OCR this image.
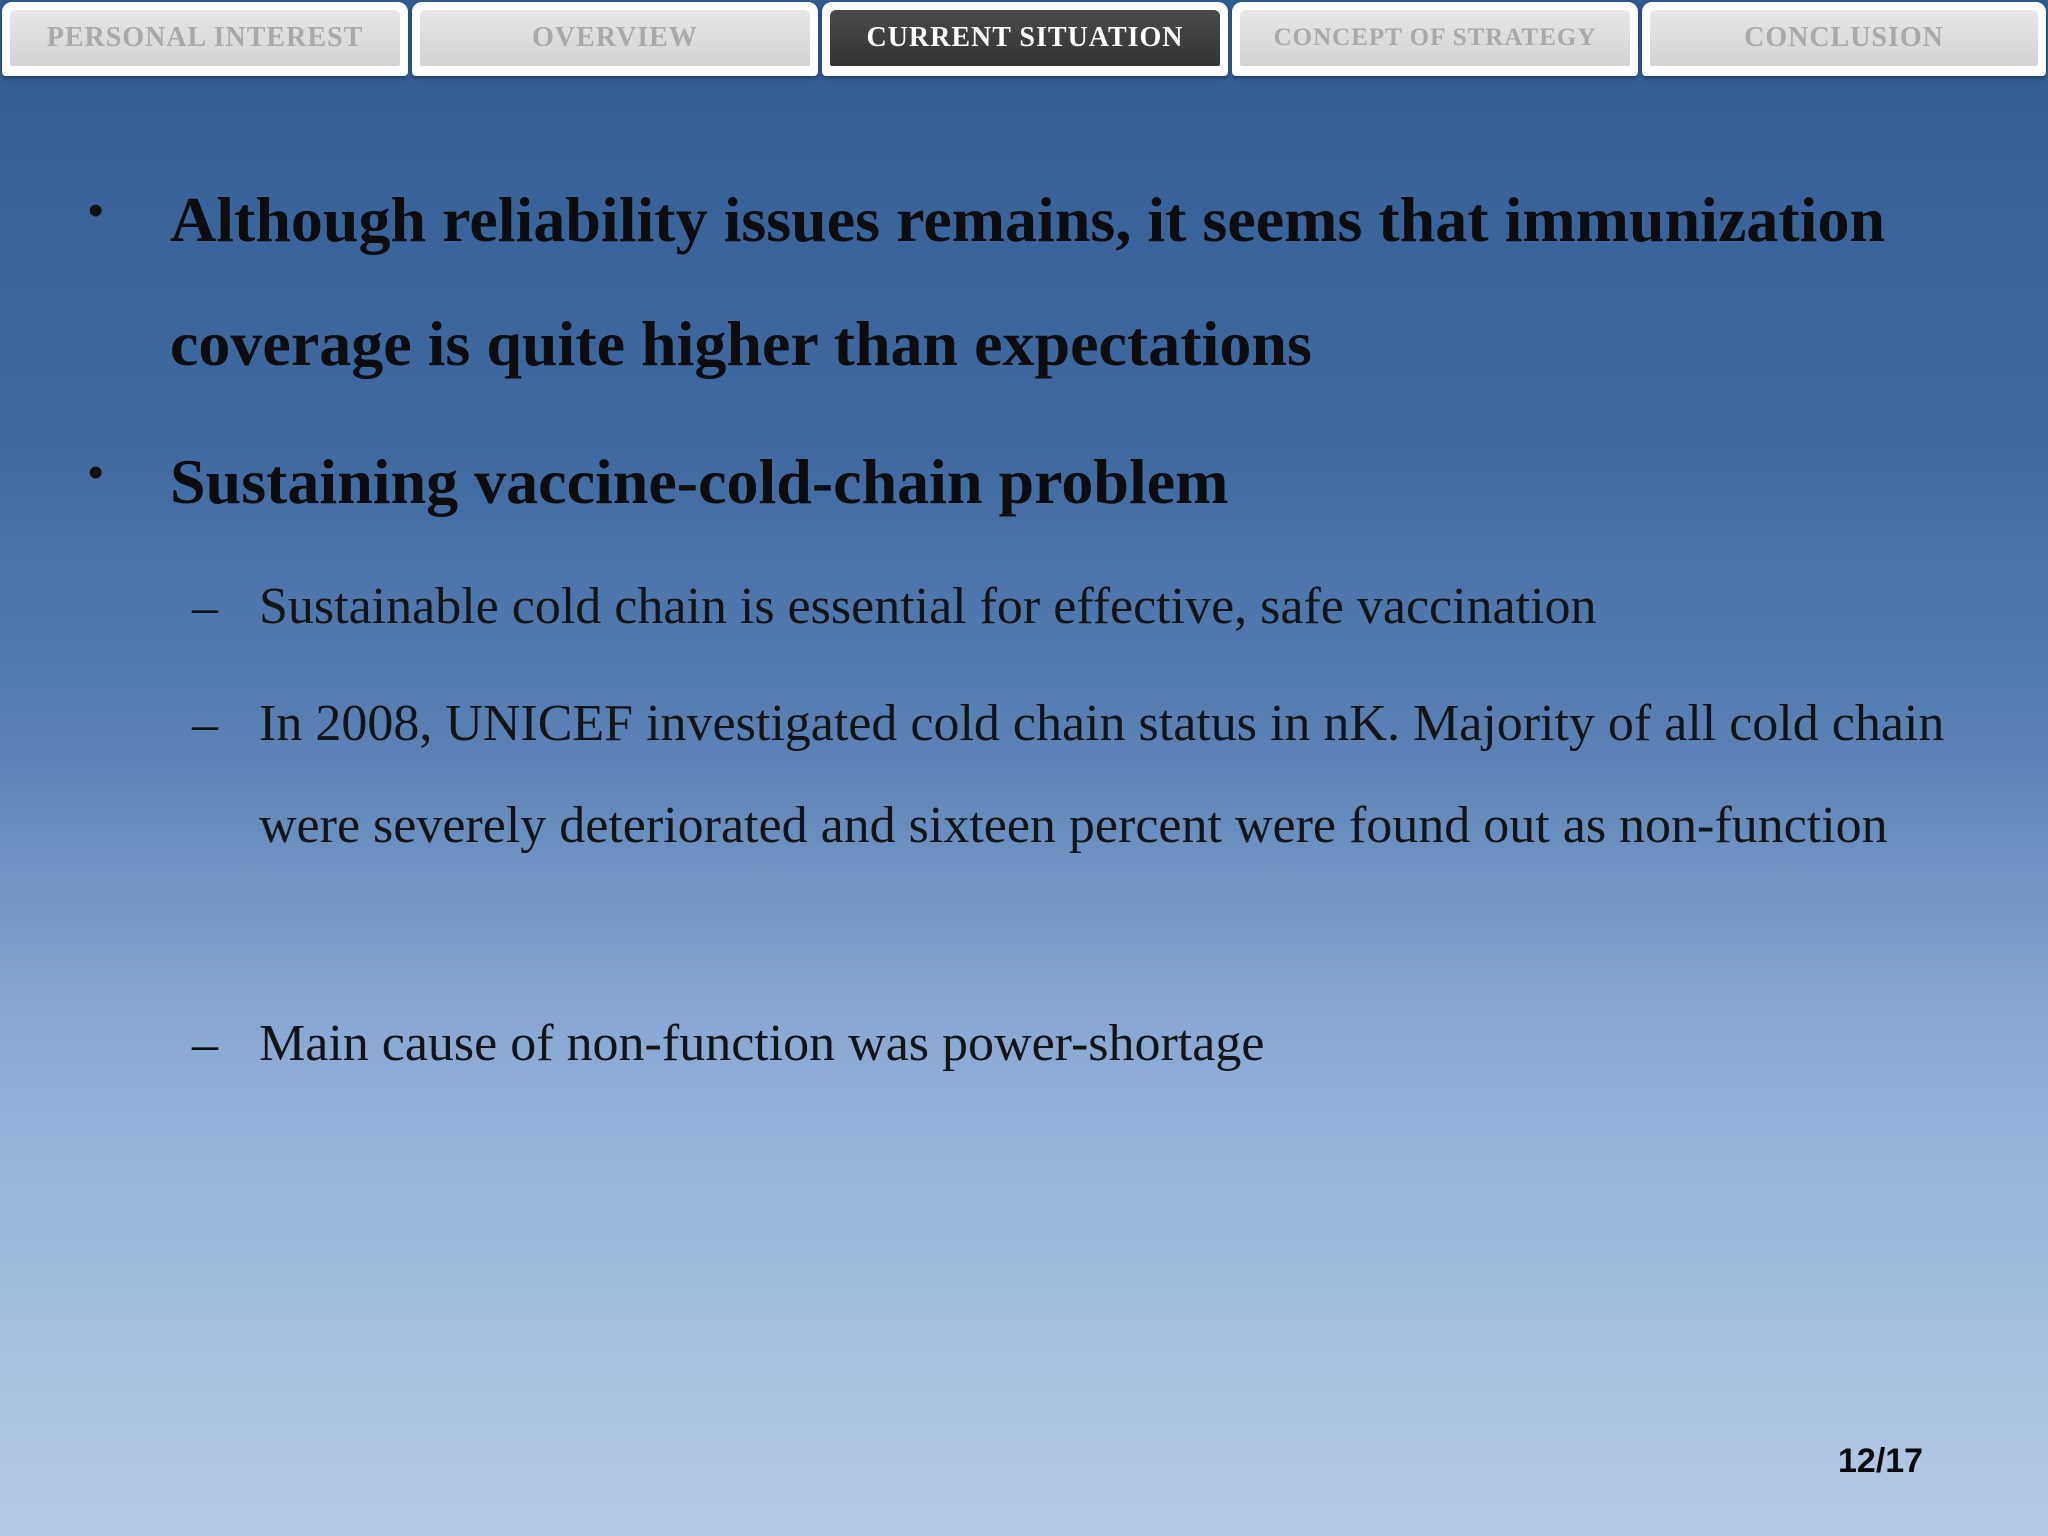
PERSONAL INTEREST	OVERVIEW	CURRENT SITUATION	CONCEPT OF STRATEGY	CONCLUSION
• Although reliability issues remains, it seems that immunization coverage is quite higher than expectations
• Sustaining vaccine-cold-chain problem
– Sustainable cold chain is essential for effective, safe vaccination
– In 2008, UNICEF investigated cold chain status in nK. Majority of all cold chain were severely deteriorated and sixteen percent were found out as non-function
– Main cause of non-function was power-shortage
12/17
